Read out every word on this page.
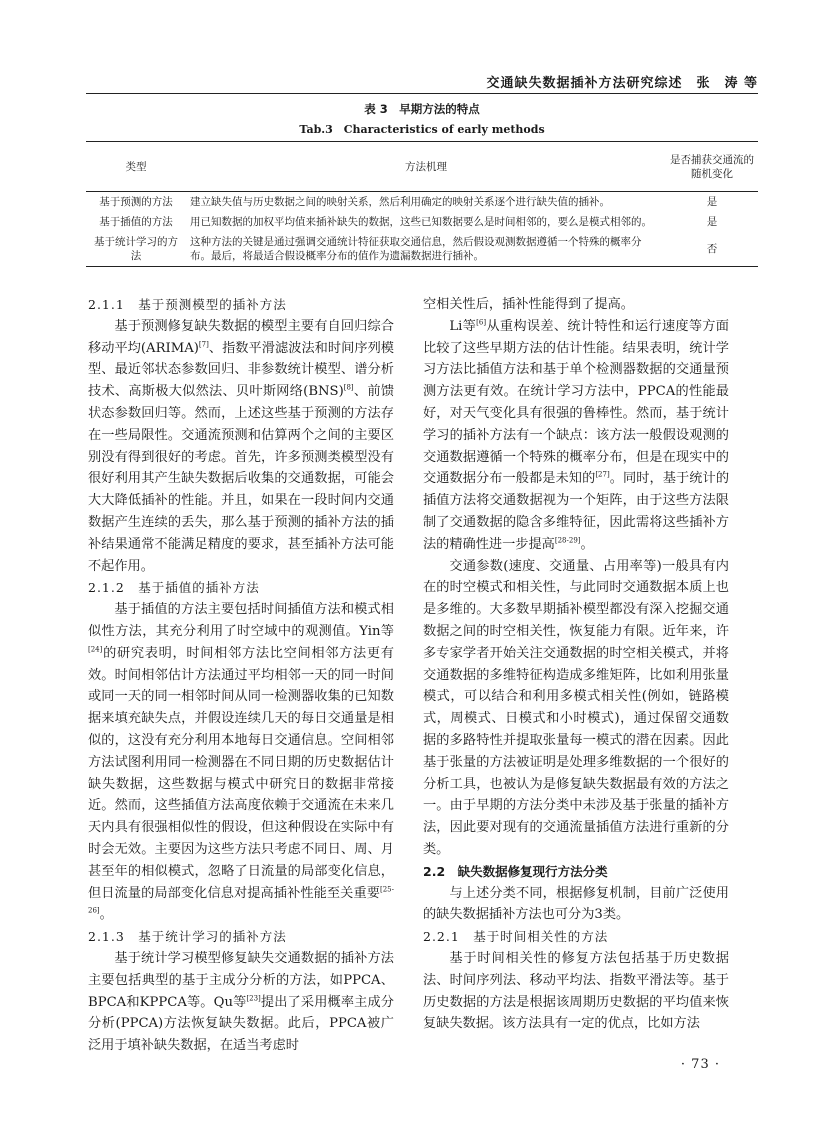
交通缺失数据插补方法研究综述　张　涛 等
表 3　早期方法的特点
Tab.3　Characteristics of early methods
类型	方法机理	是否捕获交通流的随机变化
基于预测的方法	建立缺失值与历史数据之间的映射关系，然后利用确定的映射关系逐个进行缺失值的插补。	是
基于插值的方法	用已知数据的加权平均值来插补缺失的数据，这些已知数据要么是时间相邻的，要么是模式相邻的。	是
基于统计学习的方法	这种方法的关键是通过强调交通统计特征获取交通信息，然后假设观测数据遵循一个特殊的概率分布。最后，将最适合假设概率分布的值作为遗漏数据进行插补。	否

2.1.1　基于预测模型的插补方法

基于预测修复缺失数据的模型主要有自回归综合移动平均(ARIMA)[7]、指数平滑滤波法和时间序列模型、最近邻状态参数回归、非参数统计模型、谱分析技术、高斯极大似然法、贝叶斯网络(BNS)[8]、前馈状态参数回归等。然而，上述这些基于预测的方法存在一些局限性。交通流预测和估算两个之间的主要区别没有得到很好的考虑。首先，许多预测类模型没有很好利用其产生缺失数据后收集的交通数据，可能会大大降低插补的性能。并且，如果在一段时间内交通数据产生连续的丢失，那么基于预测的插补方法的插补结果通常不能满足精度的要求，甚至插补方法可能不起作用。

2.1.2　基于插值的插补方法

基于插值的方法主要包括时间插值方法和模式相似性方法，其充分利用了时空域中的观测值。Yin等[24]的研究表明，时间相邻方法比空间相邻方法更有效。时间相邻估计方法通过平均相邻一天的同一时间或同一天的同一相邻时间从同一检测器收集的已知数据来填充缺失点，并假设连续几天的每日交通量是相似的，这没有充分利用本地每日交通信息。空间相邻方法试图利用同一检测器在不同日期的历史数据估计缺失数据，这些数据与模式中研究日的数据非常接近。然而，这些插值方法高度依赖于交通流在未来几天内具有很强相似性的假设，但这种假设在实际中有时会无效。主要因为这些方法只考虑不同日、周、月甚至年的相似模式，忽略了日流量的局部变化信息，但日流量的局部变化信息对提高插补性能至关重要[25-26]。

2.1.3　基于统计学习的插补方法

基于统计学习模型修复缺失交通数据的插补方法主要包括典型的基于主成分分析的方法，如PPCA、BPCA和KPPCA等。Qu等[23]提出了采用概率主成分分析(PPCA)方法恢复缺失数据。此后，PPCA被广泛用于填补缺失数据，在适当考虑时

空相关性后，插补性能得到了提高。

Li等[6]从重构误差、统计特性和运行速度等方面比较了这些早期方法的估计性能。结果表明，统计学习方法比插值方法和基于单个检测器数据的交通量预测方法更有效。在统计学习方法中，PPCA的性能最好，对天气变化具有很强的鲁棒性。然而，基于统计学习的插补方法有一个缺点：该方法一般假设观测的交通数据遵循一个特殊的概率分布，但是在现实中的交通数据分布一般都是未知的[27]。同时，基于统计的插值方法将交通数据视为一个矩阵，由于这些方法限制了交通数据的隐含多维特征，因此需将这些插补方法的精确性进一步提高[28-29]。

交通参数(速度、交通量、占用率等)一般具有内在的时空模式和相关性，与此同时交通数据本质上也是多维的。大多数早期插补模型都没有深入挖掘交通数据之间的时空相关性，恢复能力有限。近年来，许多专家学者开始关注交通数据的时空相关模式，并将交通数据的多维特征构造成多维矩阵，比如利用张量模式，可以结合和利用多模式相关性(例如，链路模式，周模式、日模式和小时模式)，通过保留交通数据的多路特性并提取张量每一模式的潜在因素。因此基于张量的方法被证明是处理多维数据的一个很好的分析工具，也被认为是修复缺失数据最有效的方法之一。由于早期的方法分类中未涉及基于张量的插补方法，因此要对现有的交通流量插值方法进行重新的分类。

2.2　缺失数据修复现行方法分类

与上述分类不同，根据修复机制，目前广泛使用的缺失数据插补方法也可分为3类。

2.2.1　基于时间相关性的方法

基于时间相关性的修复方法包括基于历史数据法、时间序列法、移动平均法、指数平滑法等。基于历史数据的方法是根据该周期历史数据的平均值来恢复缺失数据。该方法具有一定的优点，比如方法

· 73 ·
